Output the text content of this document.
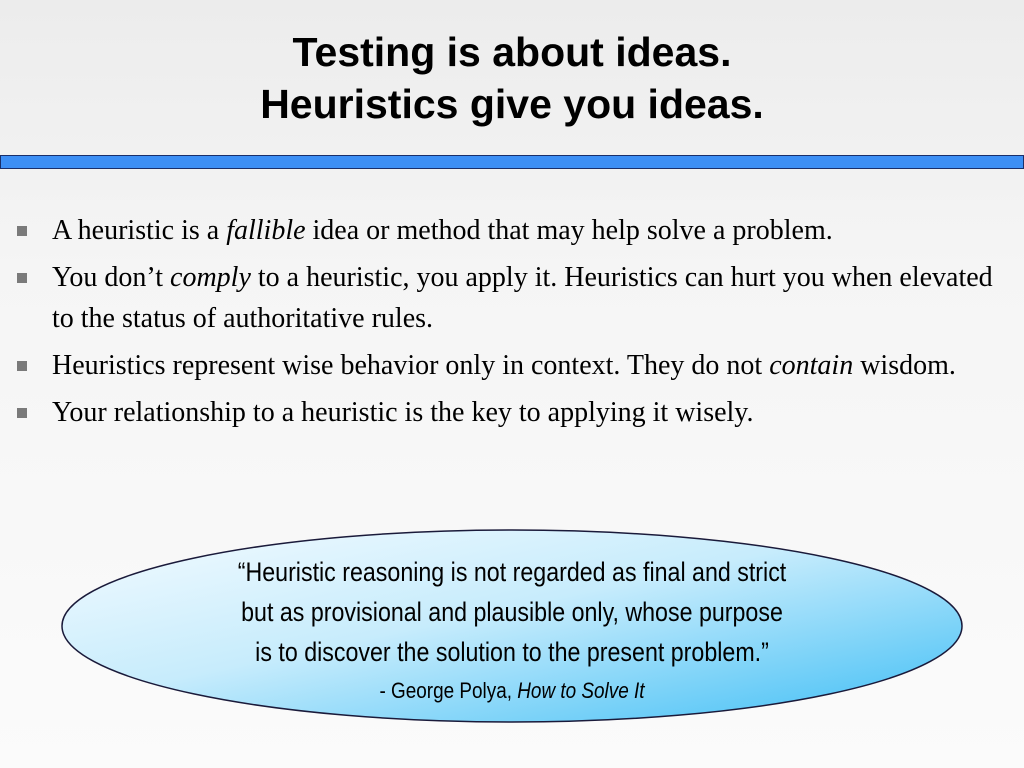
Testing is about ideas.
Heuristics give you ideas.
A heuristic is a fallible idea or method that may help solve a problem.
You don’t comply to a heuristic, you apply it. Heuristics can hurt you when elevated to the status of authoritative rules.
Heuristics represent wise behavior only in context. They do not contain wisdom.
Your relationship to a heuristic is the key to applying it wisely.
“Heuristic reasoning is not regarded as final and strict
but as provisional and plausible only, whose purpose
is to discover the solution to the present problem.”
- George Polya, How to Solve It
